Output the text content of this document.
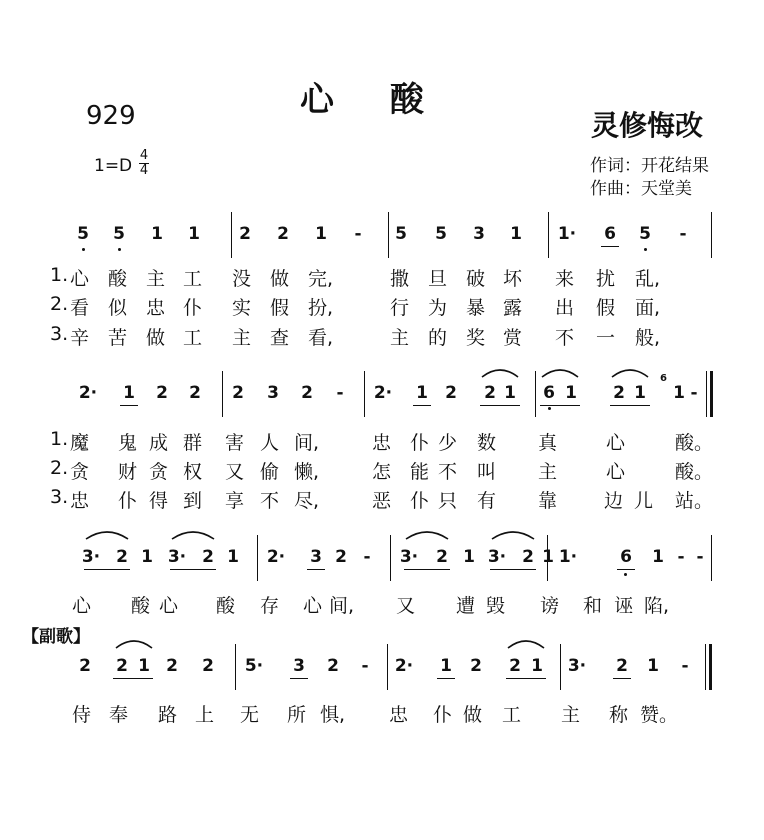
心 酸
929	灵修悔改
1=D
4
4	作词：开花结果
作曲：天堂美
5 5 1 1 2 2 1 - 5 5 3 1 1· 6 5 -
1. 心 酸 主 工 没 做 完,	撒 旦 破 坏 来 扰 乱,
2. 看 似 忠 仆 实 假 扮,	行 为 暴 露 出 假 面,
3. 辛 苦 做 工 主 查 看,	主 的 奖 赏 不 一 般,
2· 1 2 2 2 3 2 - 2· 1 2 2 1 6 1 2 1 1 -
6
1. 魔 鬼 成 群 害 人 间,	忠 仆 少 数 真	心	酸。
2. 贪 财 贪 权 又 偷 懒,	怎 能 不 叫 主	心	酸。
3. 忠 仆 得 到 享 不 尽,	恶 仆 只 有 靠 边 儿 站。
3· 2 1 3· 2 1 2· 3 2 - 3· 2 1 3· 2 1 1·	6 1 - -
心 酸 心 酸 存 心 间, 又 遭 毁 谤 和 诬 陷,
【副歌】
2 2 1 2 2 5· 3 2 - 2· 1 2 2 1 3· 2 1 -
侍 奉 路 上 无 所 惧, 忠 仆 做 工 主 称 赞。
